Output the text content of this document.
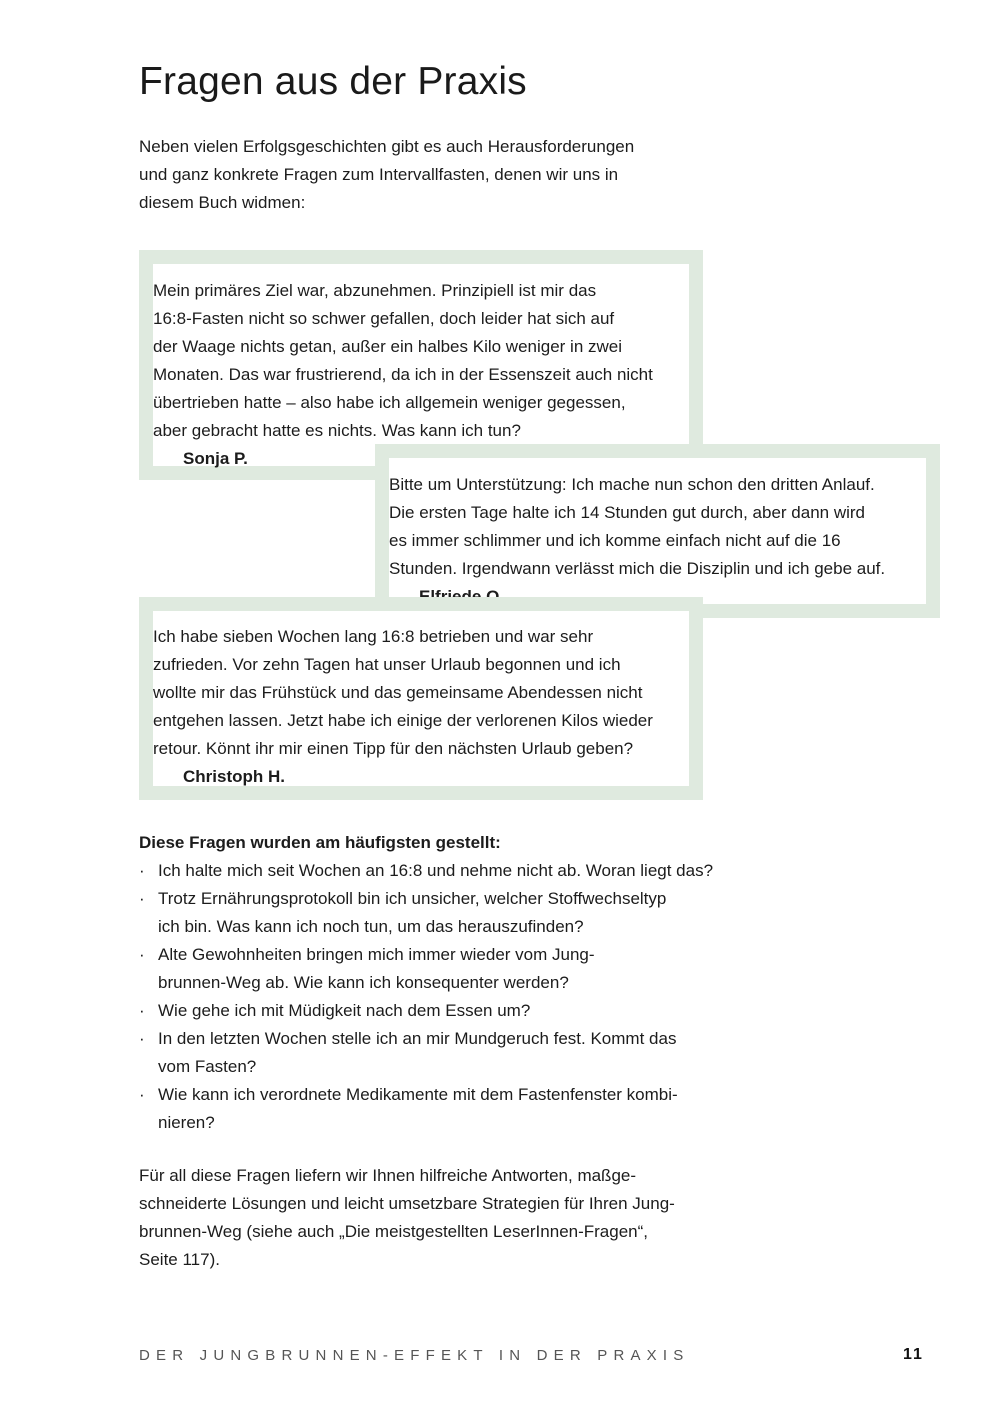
Fragen aus der Praxis
Neben vielen Erfolgsgeschichten gibt es auch Herausforderungen
und ganz konkrete Fragen zum Intervallfasten, denen wir uns in
diesem Buch widmen:
Mein primäres Ziel war, abzunehmen. Prinzipiell ist mir das
16:8-Fasten nicht so schwer gefallen, doch leider hat sich auf
der Waage nichts getan, außer ein halbes Kilo weniger in zwei
Monaten. Das war frustrierend, da ich in der Essenszeit auch nicht
übertrieben hatte – also habe ich allgemein weniger gegessen,
aber gebracht hatte es nichts. Was kann ich tun?
Sonja P.
Bitte um Unterstützung: Ich mache nun schon den dritten Anlauf.
Die ersten Tage halte ich 14 Stunden gut durch, aber dann wird
es immer schlimmer und ich komme einfach nicht auf die 16
Stunden. Irgendwann verlässt mich die Disziplin und ich gebe auf.
Ich habe sieben Wochen lang 16:8 betrieben und war sehr
zufrieden. Vor zehn Tagen hat unser Urlaub begonnen und ich
wollte mir das Frühstück und das gemeinsame Abendessen nicht
entgehen lassen. Jetzt habe ich einige der verlorenen Kilos wieder
retour. Könnt ihr mir einen Tipp für den nächsten Urlaub geben?
Christoph H.
Diese Fragen wurden am häufigsten gestellt:
· Ich halte mich seit Wochen an 16:8 und nehme nicht ab. Woran liegt das?
· Trotz Ernährungsprotokoll bin ich unsicher, welcher Stoffwechseltyp
ich bin. Was kann ich noch tun, um das herauszufinden?
· Alte Gewohnheiten bringen mich immer wieder vom Jung-
brunnen-Weg ab. Wie kann ich konsequenter werden?
· Wie gehe ich mit Müdigkeit nach dem Essen um?
· In den letzten Wochen stelle ich an mir Mundgeruch fest. Kommt das
vom Fasten?
· Wie kann ich verordnete Medikamente mit dem Fastenfenster kombi-
nieren?
Für all diese Fragen liefern wir Ihnen hilfreiche Antworten, maßge-
schneiderte Lösungen und leicht umsetzbare Strategien für Ihren Jung-
brunnen-Weg (siehe auch „Die meistgestellten LeserInnen-Fragen“,
Seite 117).
DER JUNGBRUNNEN-EFFEKT IN DER PRAXIS	11
